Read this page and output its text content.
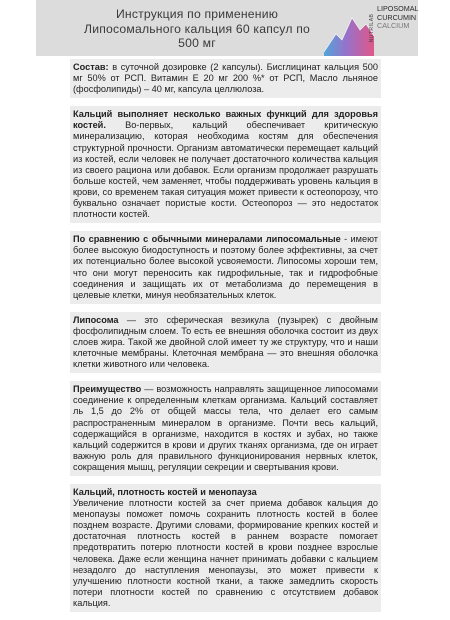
Инструкция по применению Липосомального кальция 60 капсул по 500 мг
NUTRILAB
LIPOSOMAL
CURCUMIN
CALCIUM
Состав: в суточной дозировке (2 капсулы). Бисглицинат кальция 500 мг 50% от РСП. Витамин Е 20 мг 200 %* от РСП, Масло льняное (фосфолипиды) – 40 мг, капсула целлюлоза.
Кальций выполняет несколько важных функций для здоровья костей. Во-первых, кальций обеспечивает критическую минерализацию, которая необходима костям для обеспечения структурной прочности. Организм автоматически перемещает кальций из костей, если человек не получает достаточного количества кальция из своего рациона или добавок. Если организм продолжает разрушать больше костей, чем заменяет, чтобы поддерживать уровень кальция в крови, со временем такая ситуация может привести к остеопорозу, что буквально означает пористые кости. Остеопороз — это недостаток плотности костей.
По сравнению с обычными минералами липосомальные - имеют более высокую биодоступность и поэтому более эффективны, за счет их потенциально более высокой усвояемости. Липосомы хороши тем, что они могут переносить как гидрофильные, так и гидрофобные соединения и защищать их от метаболизма до перемещения в целевые клетки, минуя необязательных клеток.
Липосома — это сферическая везикула (пузырек) с двойным фосфолипидным слоем. То есть ее внешняя оболочка состоит из двух слоев жира. Такой же двойной слой имеет ту же структуру, что и наши клеточные мембраны. Клеточная мембрана — это внешняя оболочка клетки животного или человека.
Преимущество — возможность направлять защищенное липосомами соединение к определенным клеткам организма. Кальций составляет ль 1,5 до 2% от общей массы тела, что делает его самым распространенным минералом в организме. Почти весь кальций, содержащийся в организме, находится в костях и зубах, но также кальций содержится в крови и других тканях организма, где он играет важную роль для правильного функционирования нервных клеток, сокращения мышц, регуляции секреции и свертывания крови.
Кальций, плотность костей и менопауза
Увеличение плотности костей за счет приема добавок кальция до менопаузы поможет помочь сохранить плотность костей в более позднем возрасте. Другими словами, формирование крепких костей и достаточная плотность костей в раннем возрасте помогает предотвратить потерю плотности костей в крови позднее взрослые человека. Даже если женщина начнет принимать добавки с кальцием незадолго до наступления менопаузы, это может привести к улучшению плотности костной ткани, а также замедлить скорость потери плотности костей по сравнению с отсутствием добавок кальция.
